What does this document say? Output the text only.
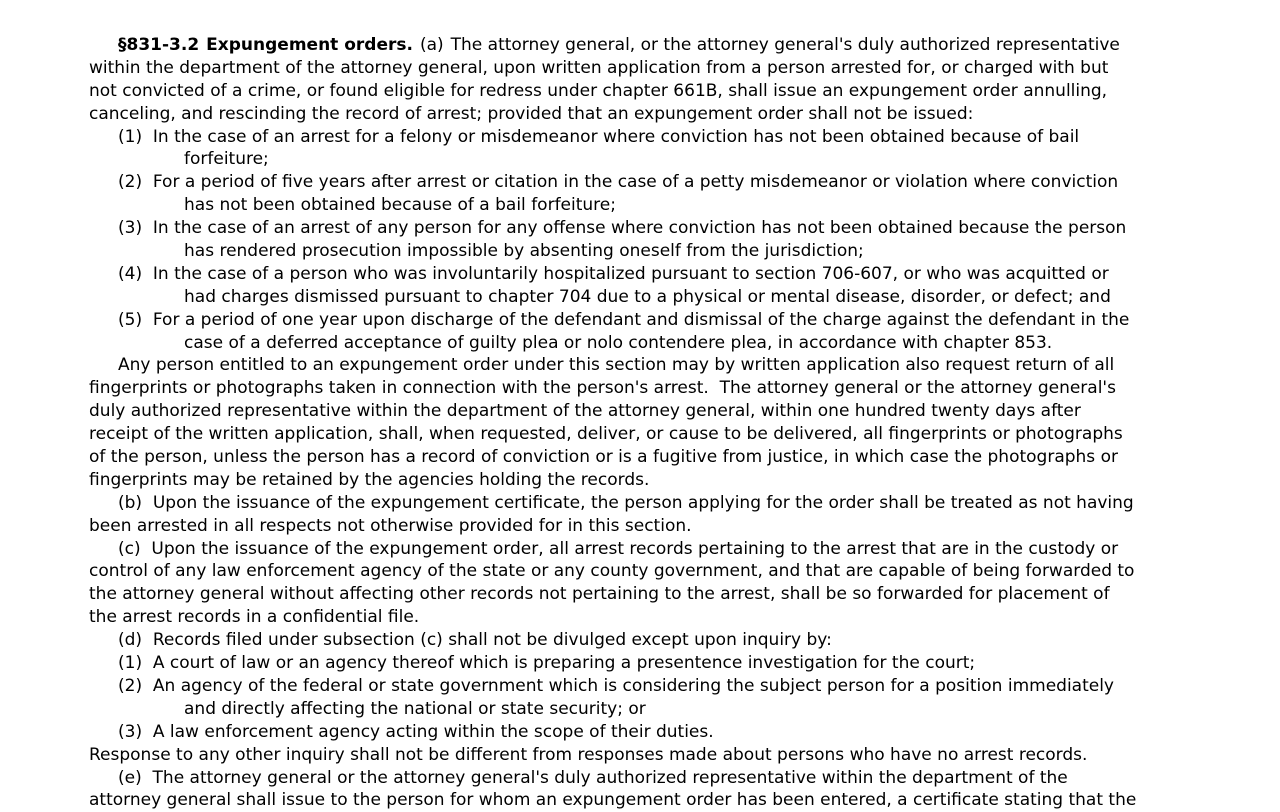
§831-3.2 Expungement orders. (a) The attorney general, or the attorney general's duly authorized representative
within the department of the attorney general, upon written application from a person arrested for, or charged with but
not convicted of a crime, or found eligible for redress under chapter 661B, shall issue an expungement order annulling,
canceling, and rescinding the record of arrest; provided that an expungement order shall not be issued:
(1)  In the case of an arrest for a felony or misdemeanor where conviction has not been obtained because of bail
forfeiture;
(2)  For a period of five years after arrest or citation in the case of a petty misdemeanor or violation where conviction
has not been obtained because of a bail forfeiture;
(3)  In the case of an arrest of any person for any offense where conviction has not been obtained because the person
has rendered prosecution impossible by absenting oneself from the jurisdiction;
(4)  In the case of a person who was involuntarily hospitalized pursuant to section 706-607, or who was acquitted or
had charges dismissed pursuant to chapter 704 due to a physical or mental disease, disorder, or defect; and
(5)  For a period of one year upon discharge of the defendant and dismissal of the charge against the defendant in the
case of a deferred acceptance of guilty plea or nolo contendere plea, in accordance with chapter 853.
Any person entitled to an expungement order under this section may by written application also request return of all
fingerprints or photographs taken in connection with the person's arrest.  The attorney general or the attorney general's
duly authorized representative within the department of the attorney general, within one hundred twenty days after
receipt of the written application, shall, when requested, deliver, or cause to be delivered, all fingerprints or photographs
of the person, unless the person has a record of conviction or is a fugitive from justice, in which case the photographs or
fingerprints may be retained by the agencies holding the records.
(b)  Upon the issuance of the expungement certificate, the person applying for the order shall be treated as not having
been arrested in all respects not otherwise provided for in this section.
(c)  Upon the issuance of the expungement order, all arrest records pertaining to the arrest that are in the custody or
control of any law enforcement agency of the state or any county government, and that are capable of being forwarded to
the attorney general without affecting other records not pertaining to the arrest, shall be so forwarded for placement of
the arrest records in a confidential file.
(d)  Records filed under subsection (c) shall not be divulged except upon inquiry by:
(1)  A court of law or an agency thereof which is preparing a presentence investigation for the court;
(2)  An agency of the federal or state government which is considering the subject person for a position immediately
and directly affecting the national or state security; or
(3)  A law enforcement agency acting within the scope of their duties.
Response to any other inquiry shall not be different from responses made about persons who have no arrest records.
(e)  The attorney general or the attorney general's duly authorized representative within the department of the
attorney general shall issue to the person for whom an expungement order has been entered, a certificate stating that the
